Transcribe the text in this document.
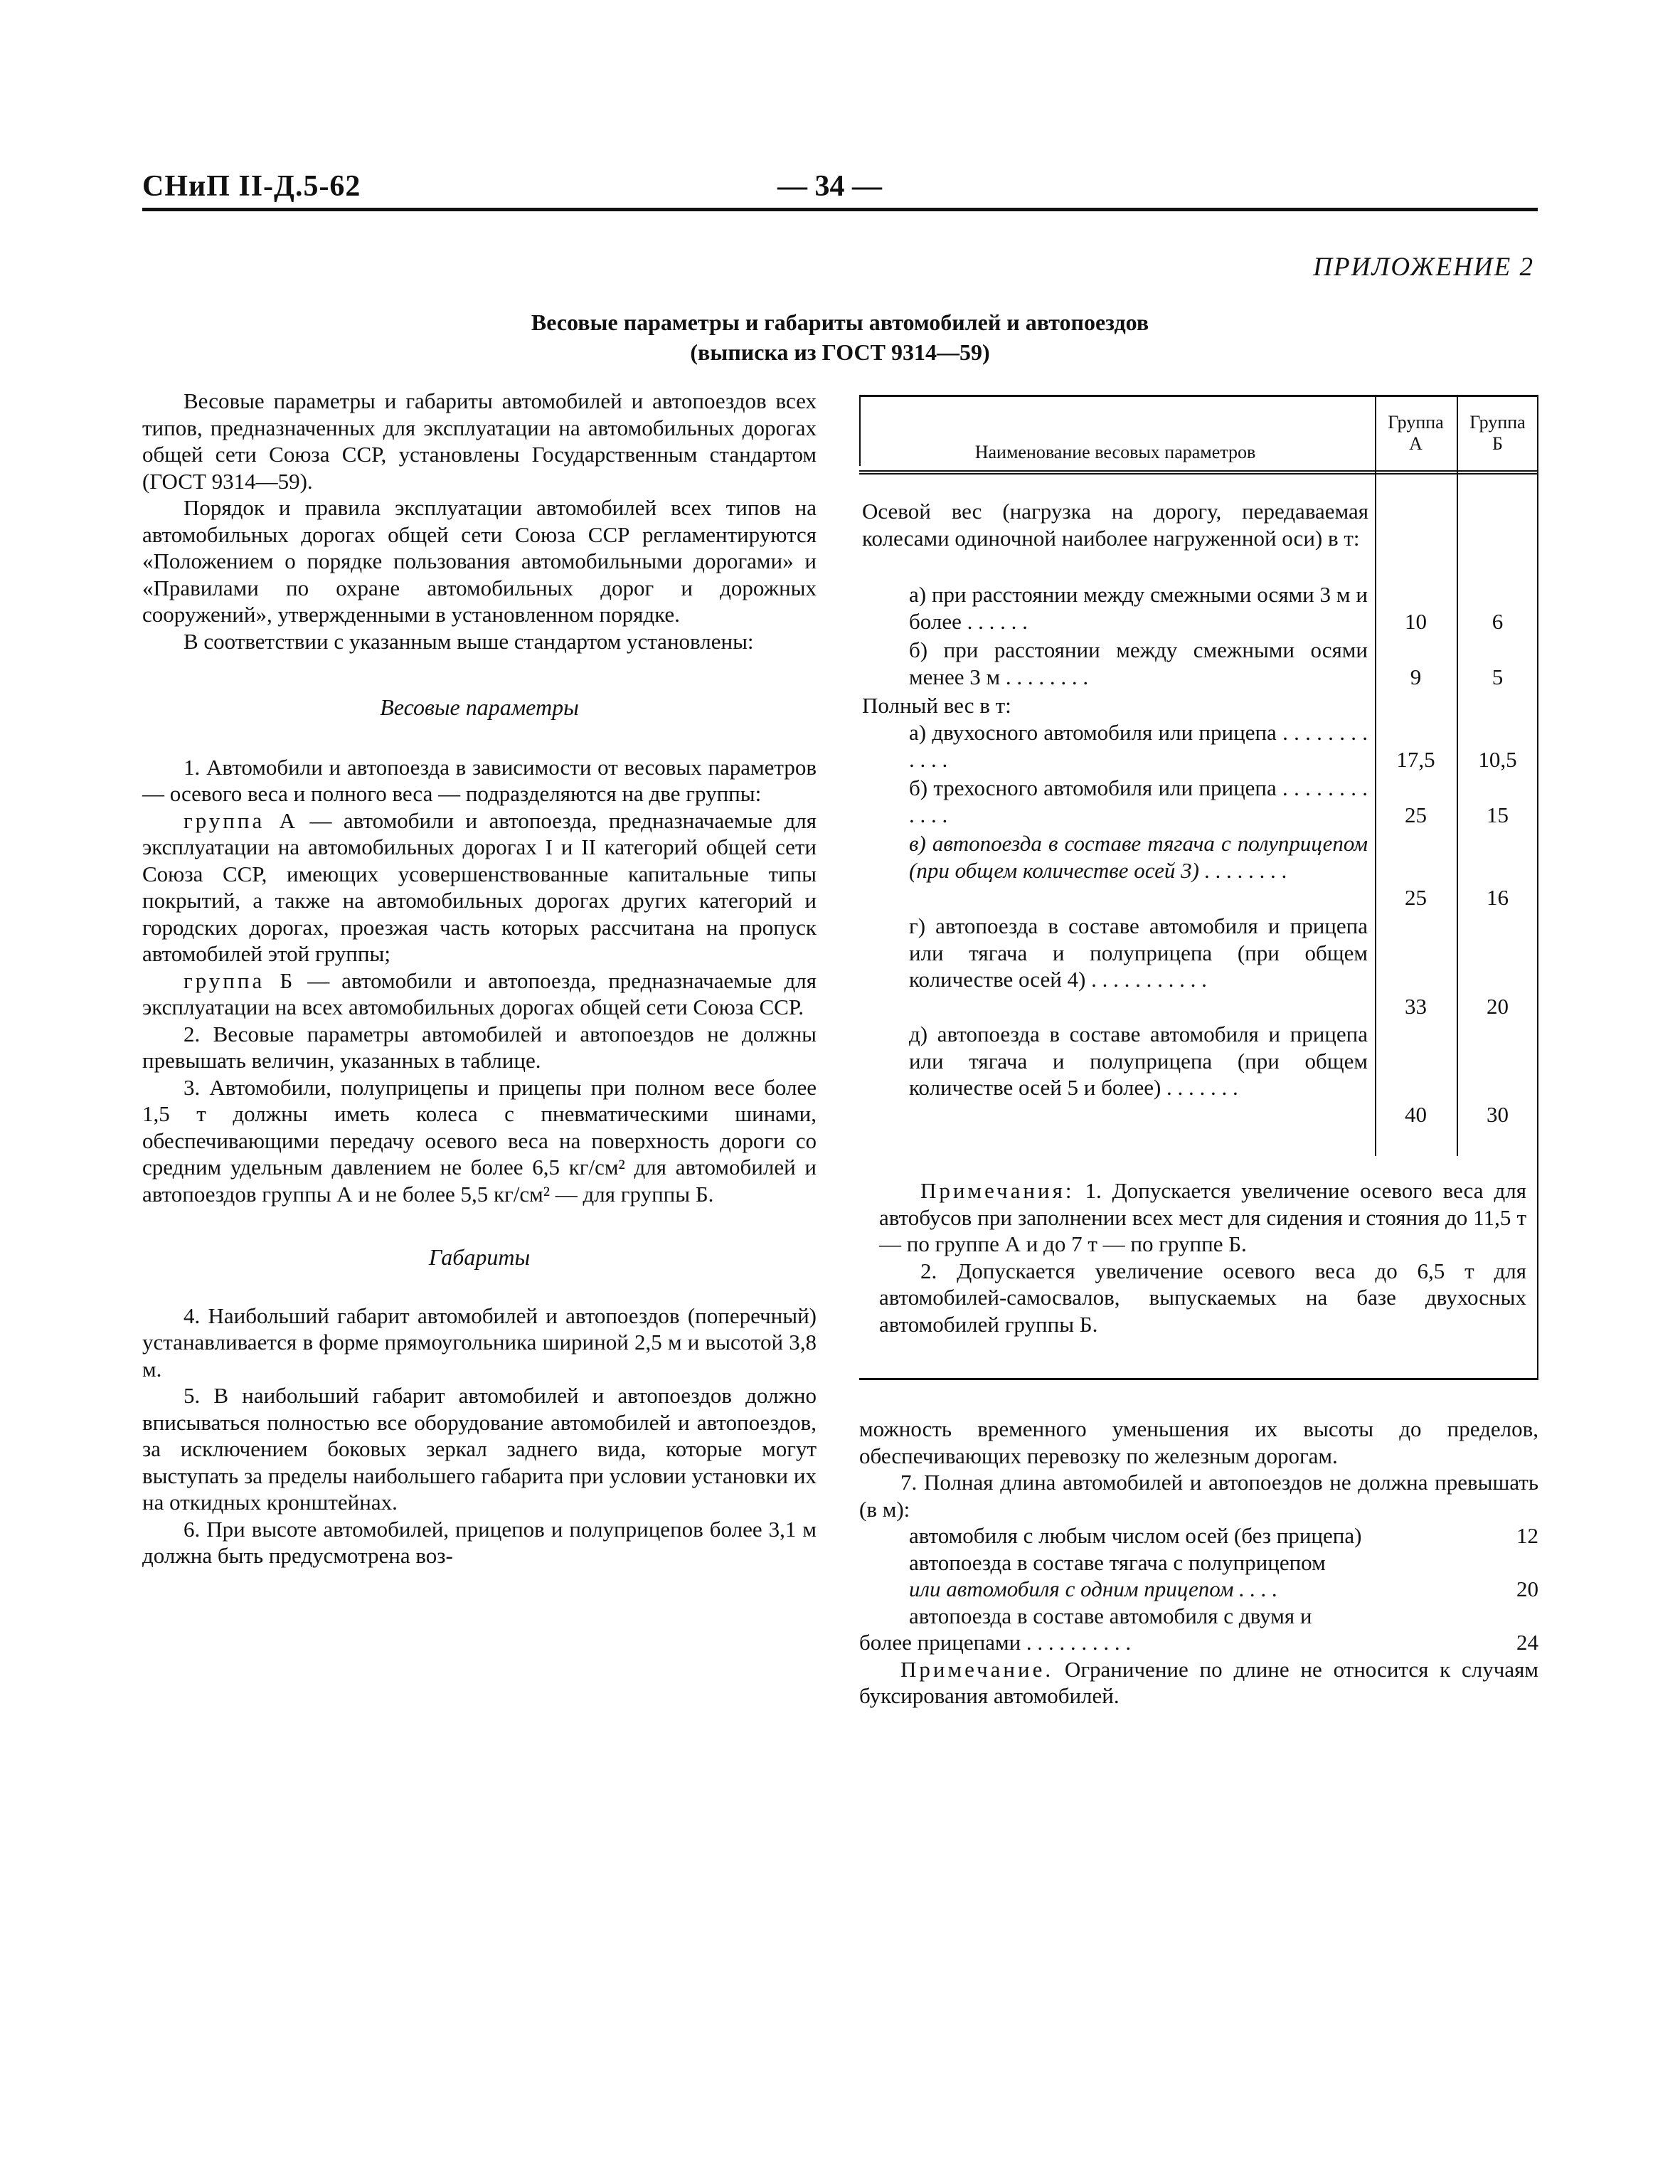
СНиП II-Д.5-62	— 34 —
ПРИЛОЖЕНИЕ 2
Весовые параметры и габариты автомобилей и автопоездов
(выписка из ГОСТ 9314—59)

Весовые параметры и габариты автомобилей и автопоездов всех типов, предназначенных для эксплуатации на автомобильных дорогах общей сети Союза ССР, установлены Государственным стандартом (ГОСТ 9314—59).

Порядок и правила эксплуатации автомобилей всех типов на автомобильных дорогах общей сети Союза ССР регламентируются «Положением о порядке пользования автомобильными дорогами» и «Правилами по охране автомобильных дорог и дорожных сооружений», утвержденными в установленном порядке.

В соответствии с указанным выше стандартом установлены:

Весовые параметры

1. Автомобили и автопоезда в зависимости от весовых параметров — осевого веса и полного веса — подразделяются на две группы:

группа А — автомобили и автопоезда, предназначаемые для эксплуатации на автомобильных дорогах I и II категорий общей сети Союза ССР, имеющих усовершенствованные капитальные типы покрытий, а также на автомобильных дорогах других категорий и городских дорогах, проезжая часть которых рассчитана на пропуск автомобилей этой группы;

группа Б — автомобили и автопоезда, предназначаемые для эксплуатации на всех автомобильных дорогах общей сети Союза ССР.

2. Весовые параметры автомобилей и автопоездов не должны превышать величин, указанных в таблице.

3. Автомобили, полуприцепы и прицепы при полном весе более 1,5 т должны иметь колеса с пневматическими шинами, обеспечивающими передачу осевого веса на поверхность дороги со средним удельным давлением не более 6,5 кг/см² для автомобилей и автопоездов группы А и не более 5,5 кг/см² — для группы Б.

Габариты

4. Наибольший габарит автомобилей и автопоездов (поперечный) устанавливается в форме прямоугольника шириной 2,5 м и высотой 3,8 м.

5. В наибольший габарит автомобилей и автопоездов должно вписываться полностью все оборудование автомобилей и автопоездов, за исключением боковых зеркал заднего вида, которые могут выступать за пределы наибольшего габарита при условии установки их на откидных кронштейнах.

6. При высоте автомобилей, прицепов и полуприцепов более 3,1 м должна быть предусмотрена воз-

Наименование весовых параметров
Группа
А
Группа
Б
Осевой вес (нагрузка на дорогу, передаваемая колесами одиночной наиболее нагруженной оси) в т:
а) при расстоянии между смежными осями 3 м и более . . . . . .	10	6
б) при расстоянии между смежными осями менее 3 м . . . . . . . .	9	5
Полный вес в т:
а) двухосного автомобиля или прицепа . . . . . . . . . . . .	17,5	10,5
б) трехосного автомобиля или прицепа . . . . . . . . . . . .	25	15
в) автопоезда в составе тягача с полуприцепом (при общем количестве осей 3) . . . . . . . .
25	16
г) автопоезда в составе автомобиля и прицепа или тягача и полуприцепа (при общем количестве осей 4) . . . . . . . . . . .
33	20
д) автопоезда в составе автомобиля и прицепа или тягача и полуприцепа (при общем количестве осей 5 и более) . . . . . . .
40	30

Примечания: 1. Допускается увеличение осевого веса для автобусов при заполнении всех мест для сидения и стояния до 11,5 т — по группе А и до 7 т — по группе Б.

2. Допускается увеличение осевого веса до 6,5 т для автомобилей-самосвалов, выпускаемых на базе двухосных автомобилей группы Б.

можность временного уменьшения их высоты до пределов, обеспечивающих перевозку по железным дорогам.

7. Полная длина автомобилей и автопоездов не должна превышать (в м):

автомобиля с любым числом осей (без прицепа)	12
автопоезда в составе тягача с полуприцепом
или автомобиля с одним прицепом . . . .	20
автопоезда в составе автомобиля с двумя и
более прицепами . . . . . . . . . .	24

Примечание. Ограничение по длине не относится к случаям буксирования автомобилей.
